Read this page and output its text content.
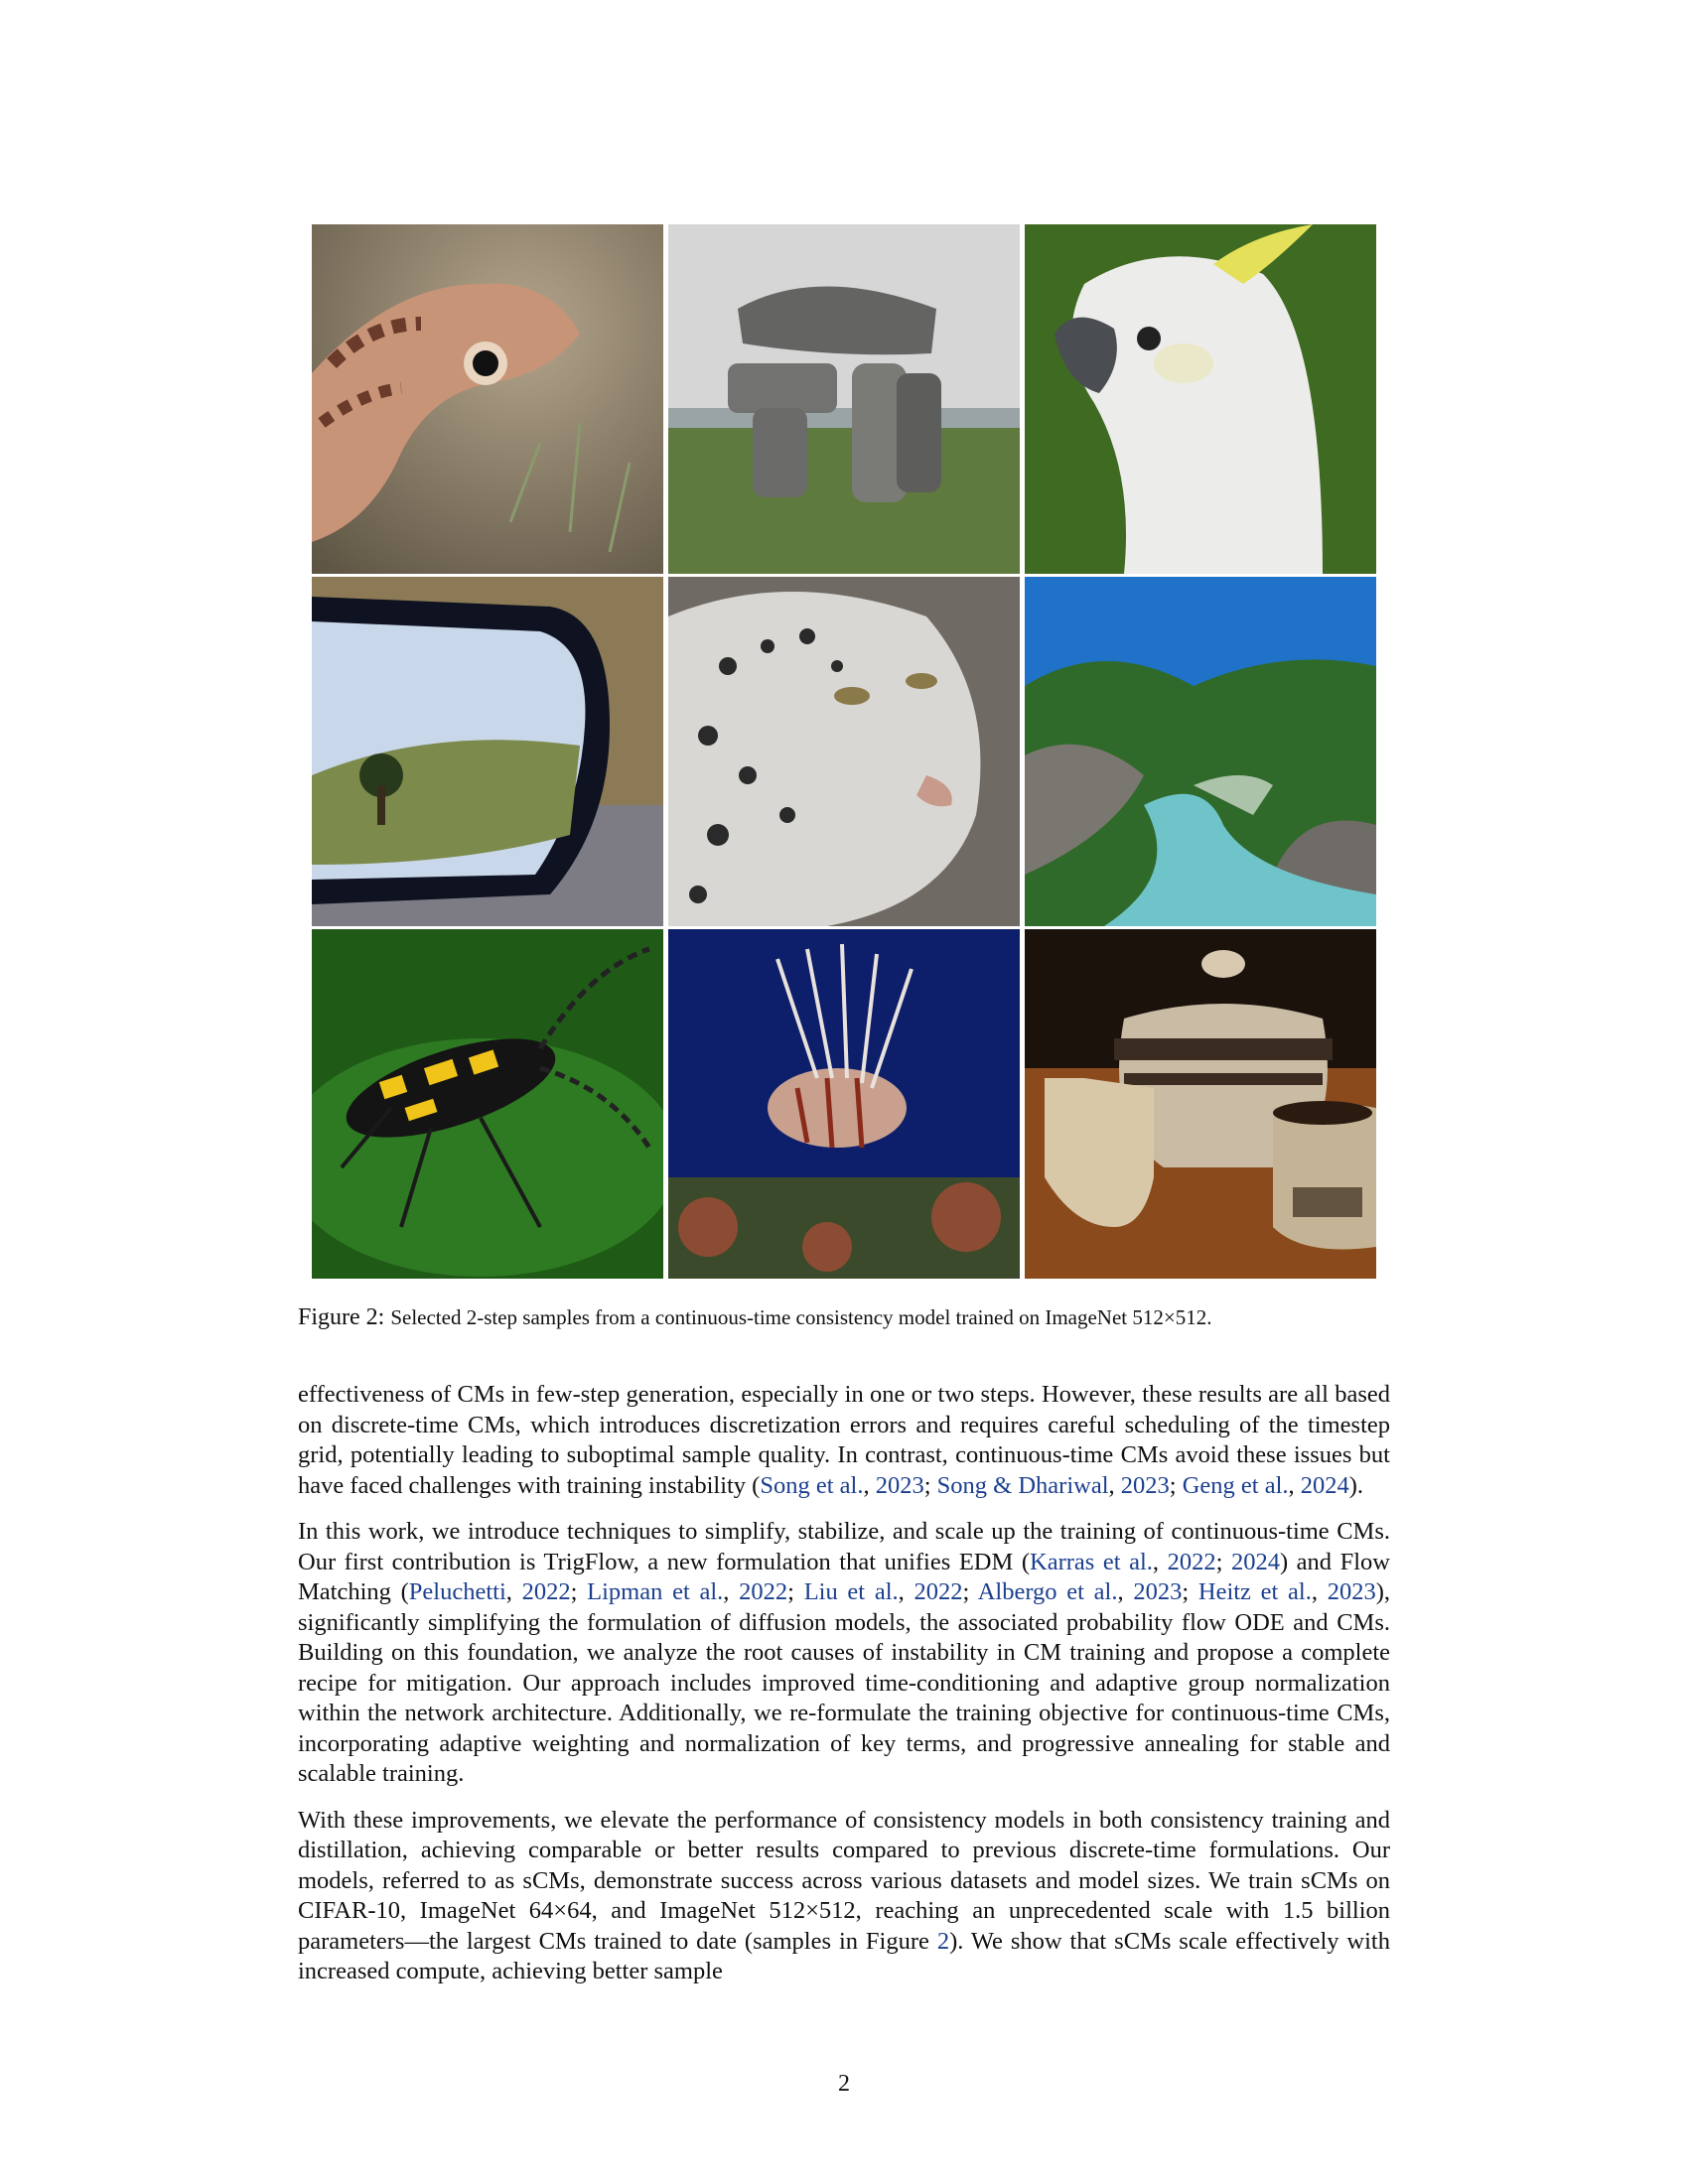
Figure 2: Selected 2-step samples from a continuous-time consistency model trained on ImageNet 512×512.

effectiveness of CMs in few-step generation, especially in one or two steps. However, these results are all based on discrete-time CMs, which introduces discretization errors and requires careful scheduling of the timestep grid, potentially leading to suboptimal sample quality. In contrast, continuous-time CMs avoid these issues but have faced challenges with training instability (Song et al., 2023; Song & Dhariwal, 2023; Geng et al., 2024).

In this work, we introduce techniques to simplify, stabilize, and scale up the training of continuous-time CMs. Our first contribution is TrigFlow, a new formulation that unifies EDM (Karras et al., 2022; 2024) and Flow Matching (Peluchetti, 2022; Lipman et al., 2022; Liu et al., 2022; Albergo et al., 2023; Heitz et al., 2023), significantly simplifying the formulation of diffusion models, the associated probability flow ODE and CMs. Building on this foundation, we analyze the root causes of instability in CM training and propose a complete recipe for mitigation. Our approach includes improved time-conditioning and adaptive group normalization within the network architecture. Additionally, we re-formulate the training objective for continuous-time CMs, incorporating adaptive weighting and normalization of key terms, and progressive annealing for stable and scalable training.

With these improvements, we elevate the performance of consistency models in both consistency training and distillation, achieving comparable or better results compared to previous discrete-time formulations. Our models, referred to as sCMs, demonstrate success across various datasets and model sizes. We train sCMs on CIFAR-10, ImageNet 64×64, and ImageNet 512×512, reaching an unprecedented scale with 1.5 billion parameters—the largest CMs trained to date (samples in Figure 2). We show that sCMs scale effectively with increased compute, achieving better sample

2
